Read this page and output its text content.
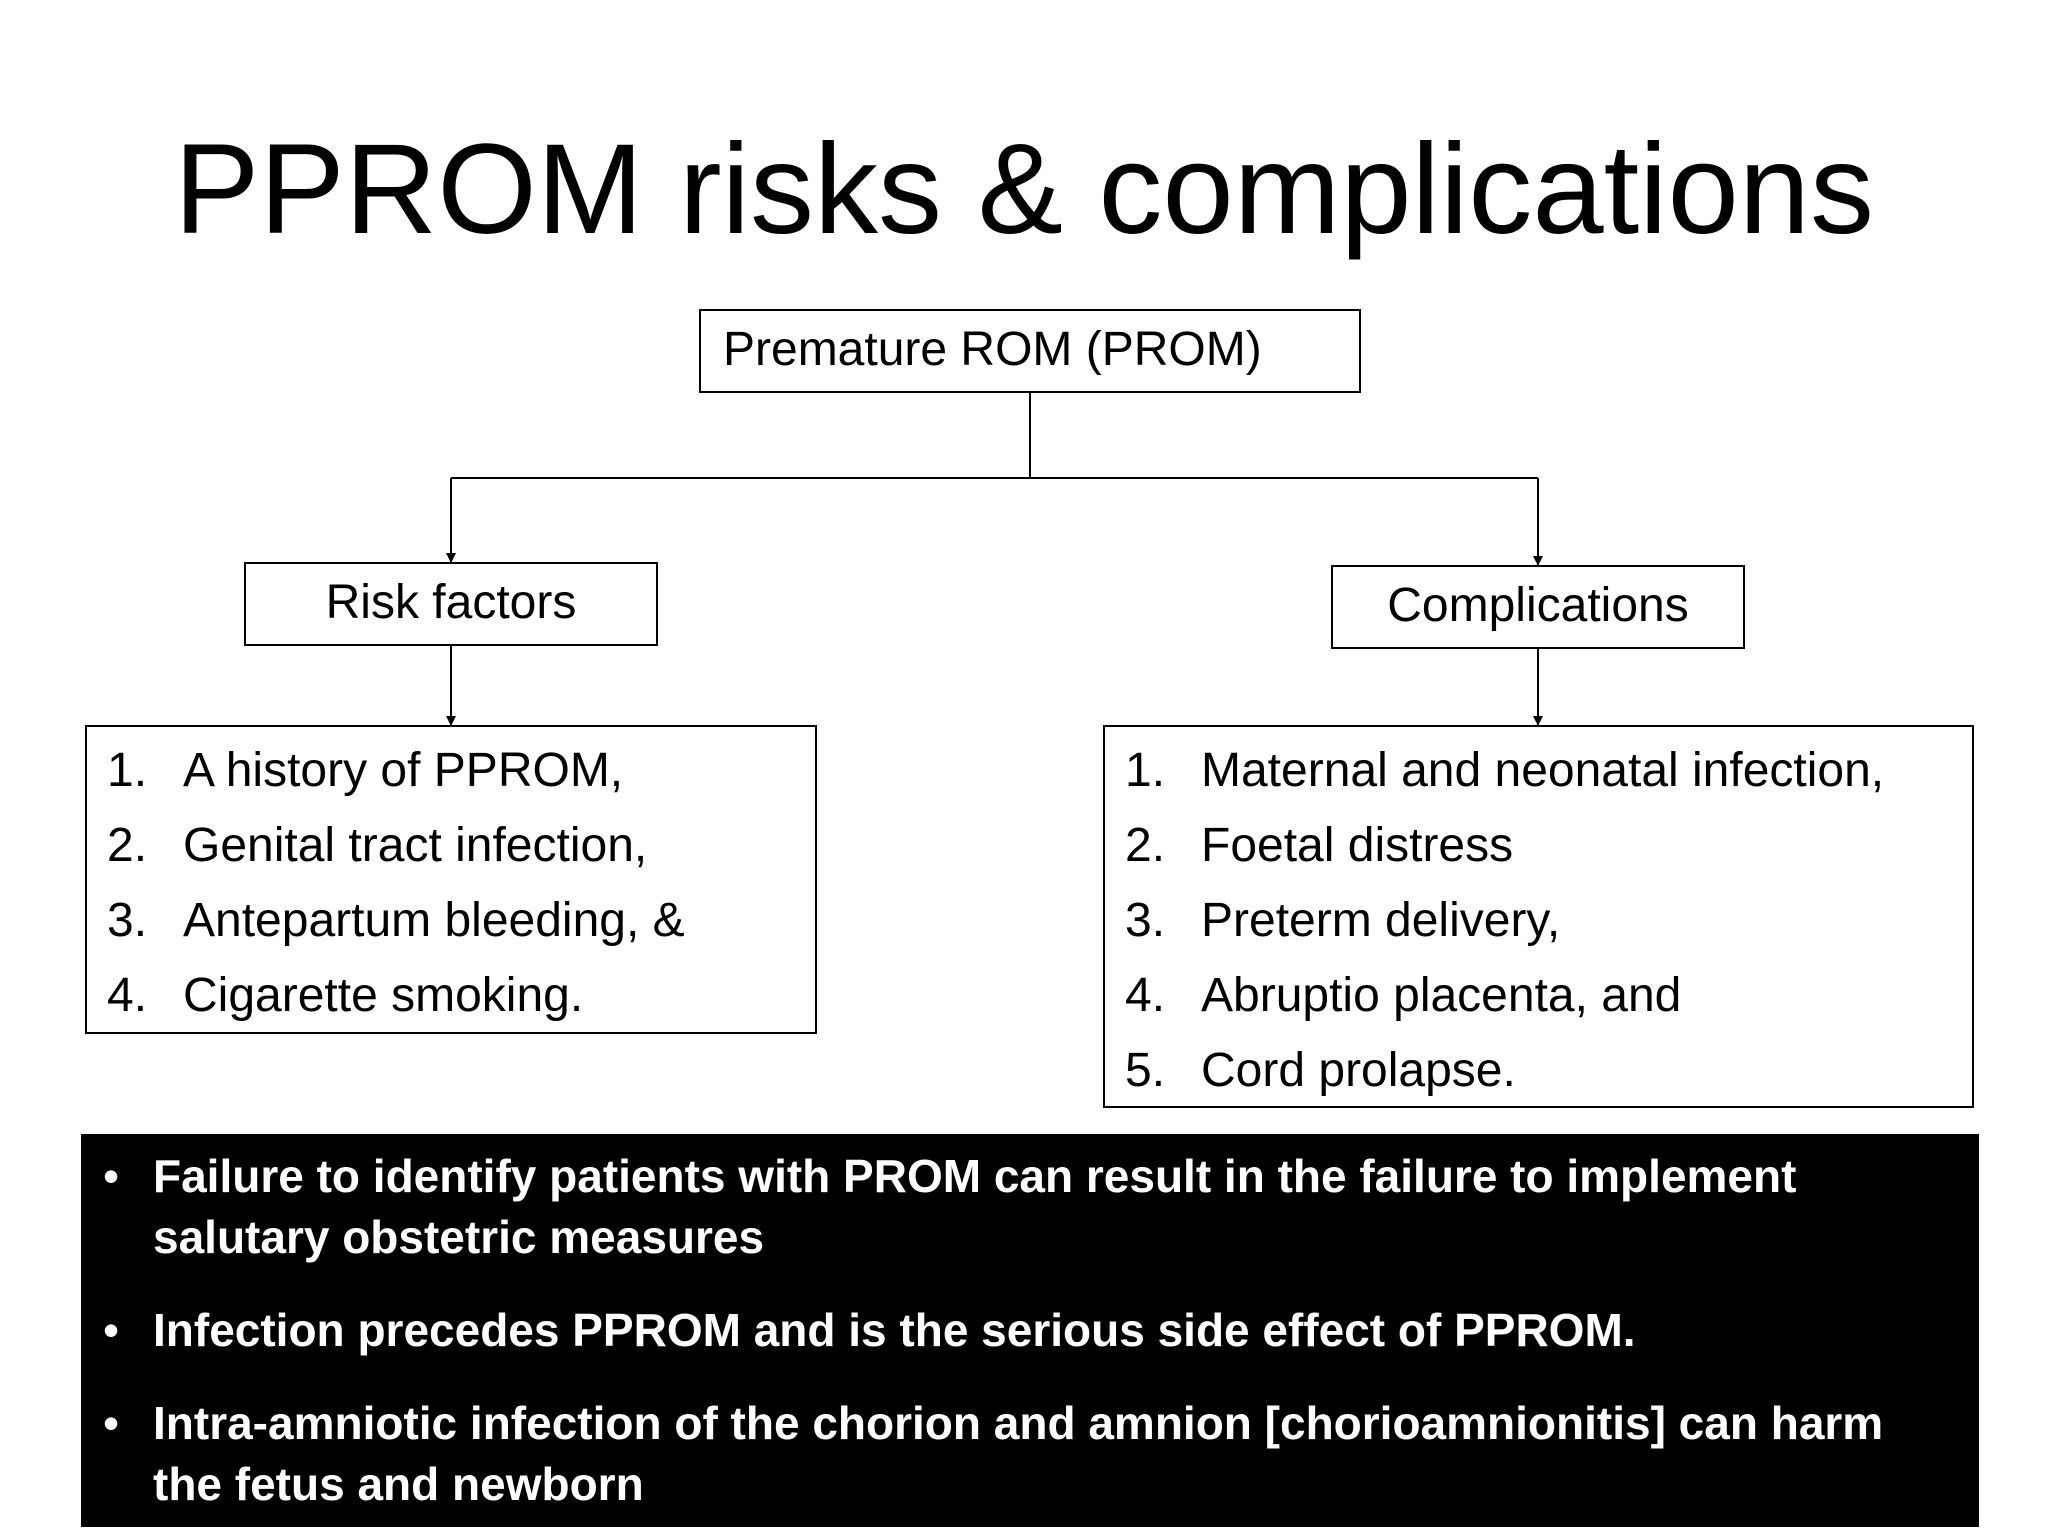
PPROM risks & complications
Premature ROM (PROM)
Risk factors	Complications
1. A history of PPROM,
2. Genital tract infection,
3. Antepartum bleeding, &
4. Cigarette smoking.
1. Maternal and neonatal infection,
2. Foetal distress
3. Preterm delivery,
4. Abruptio placenta, and
5. Cord prolapse.
• Failure to identify patients with PROM can result in the failure to implement salutary obstetric measures
• Infection precedes PPROM and is the serious side effect of PPROM.
• Intra-amniotic infection of the chorion and amnion [chorioamnionitis] can harm the fetus and newborn
